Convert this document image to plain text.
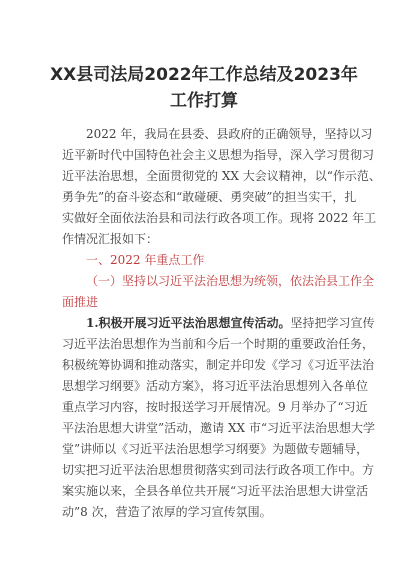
XX县司法局2022年工作总结及2023年
工作打算
2022 年，我局在县委、县政府的正确领导，坚持以习
近平新时代中国特色社会主义思想为指导，深入学习贯彻习
近平法治思想，全面贯彻党的 XX 大会议精神，以“作示范、
勇争先”的奋斗姿态和“敢碰硬、勇突破”的担当实干，扎
实做好全面依法治县和司法行政各项工作。现将 2022 年工
作情况汇报如下：
一、2022 年重点工作
（一）坚持以习近平法治思想为统领，依法治县工作全
面推进
1.积极开展习近平法治思想宣传活动。坚持把学习宣传
习近平法治思想作为当前和今后一个时期的重要政治任务，
积极统筹协调和推动落实，制定并印发《学习《习近平法治
思想学习纲要》活动方案》，将习近平法治思想列入各单位
重点学习内容，按时报送学习开展情况。9 月举办了“习近
平法治思想大讲堂”活动，邀请 XX 市“习近平法治思想大学
堂”讲师以《习近平法治思想学习纲要》为题做专题辅导，
切实把习近平法治思想贯彻落实到司法行政各项工作中。方
案实施以来，全县各单位共开展“习近平法治思想大讲堂活
动”8 次，营造了浓厚的学习宣传氛围。
